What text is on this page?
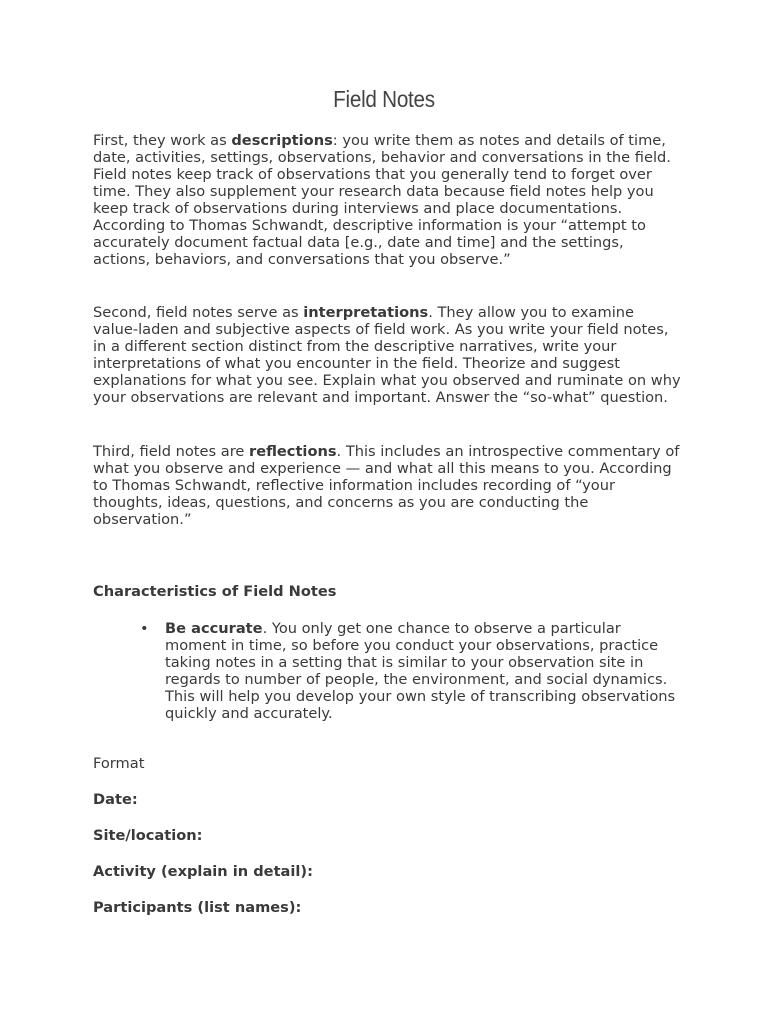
Field Notes

First, they work as descriptions: you write them as notes and details of time, date, activities, settings, observations, behavior and conversations in the field. Field notes keep track of observations that you generally tend to forget over time. They also supplement your research data because field notes help you keep track of observations during interviews and place documentations. According to Thomas Schwandt, descriptive information is your “attempt to accurately document factual data [e.g., date and time] and the settings, actions, behaviors, and conversations that you observe.”

Second, field notes serve as interpretations. They allow you to examine value-laden and subjective aspects of field work. As you write your field notes, in a different section distinct from the descriptive narratives, write your interpretations of what you encounter in the field. Theorize and suggest explanations for what you see. Explain what you observed and ruminate on why your observations are relevant and important. Answer the “so-what” question.

Third, field notes are reflections. This includes an introspective commentary of what you observe and experience — and what all this means to you. According to Thomas Schwandt, reflective information includes recording of “your thoughts, ideas, questions, and concerns as you are conducting the observation.”

Characteristics of Field Notes

• Be accurate. You only get one chance to observe a particular moment in time, so before you conduct your observations, practice taking notes in a setting that is similar to your observation site in regards to number of people, the environment, and social dynamics. This will help you develop your own style of transcribing observations quickly and accurately.

Format

Date:

Site/location:

Activity (explain in detail):

Participants (list names):
